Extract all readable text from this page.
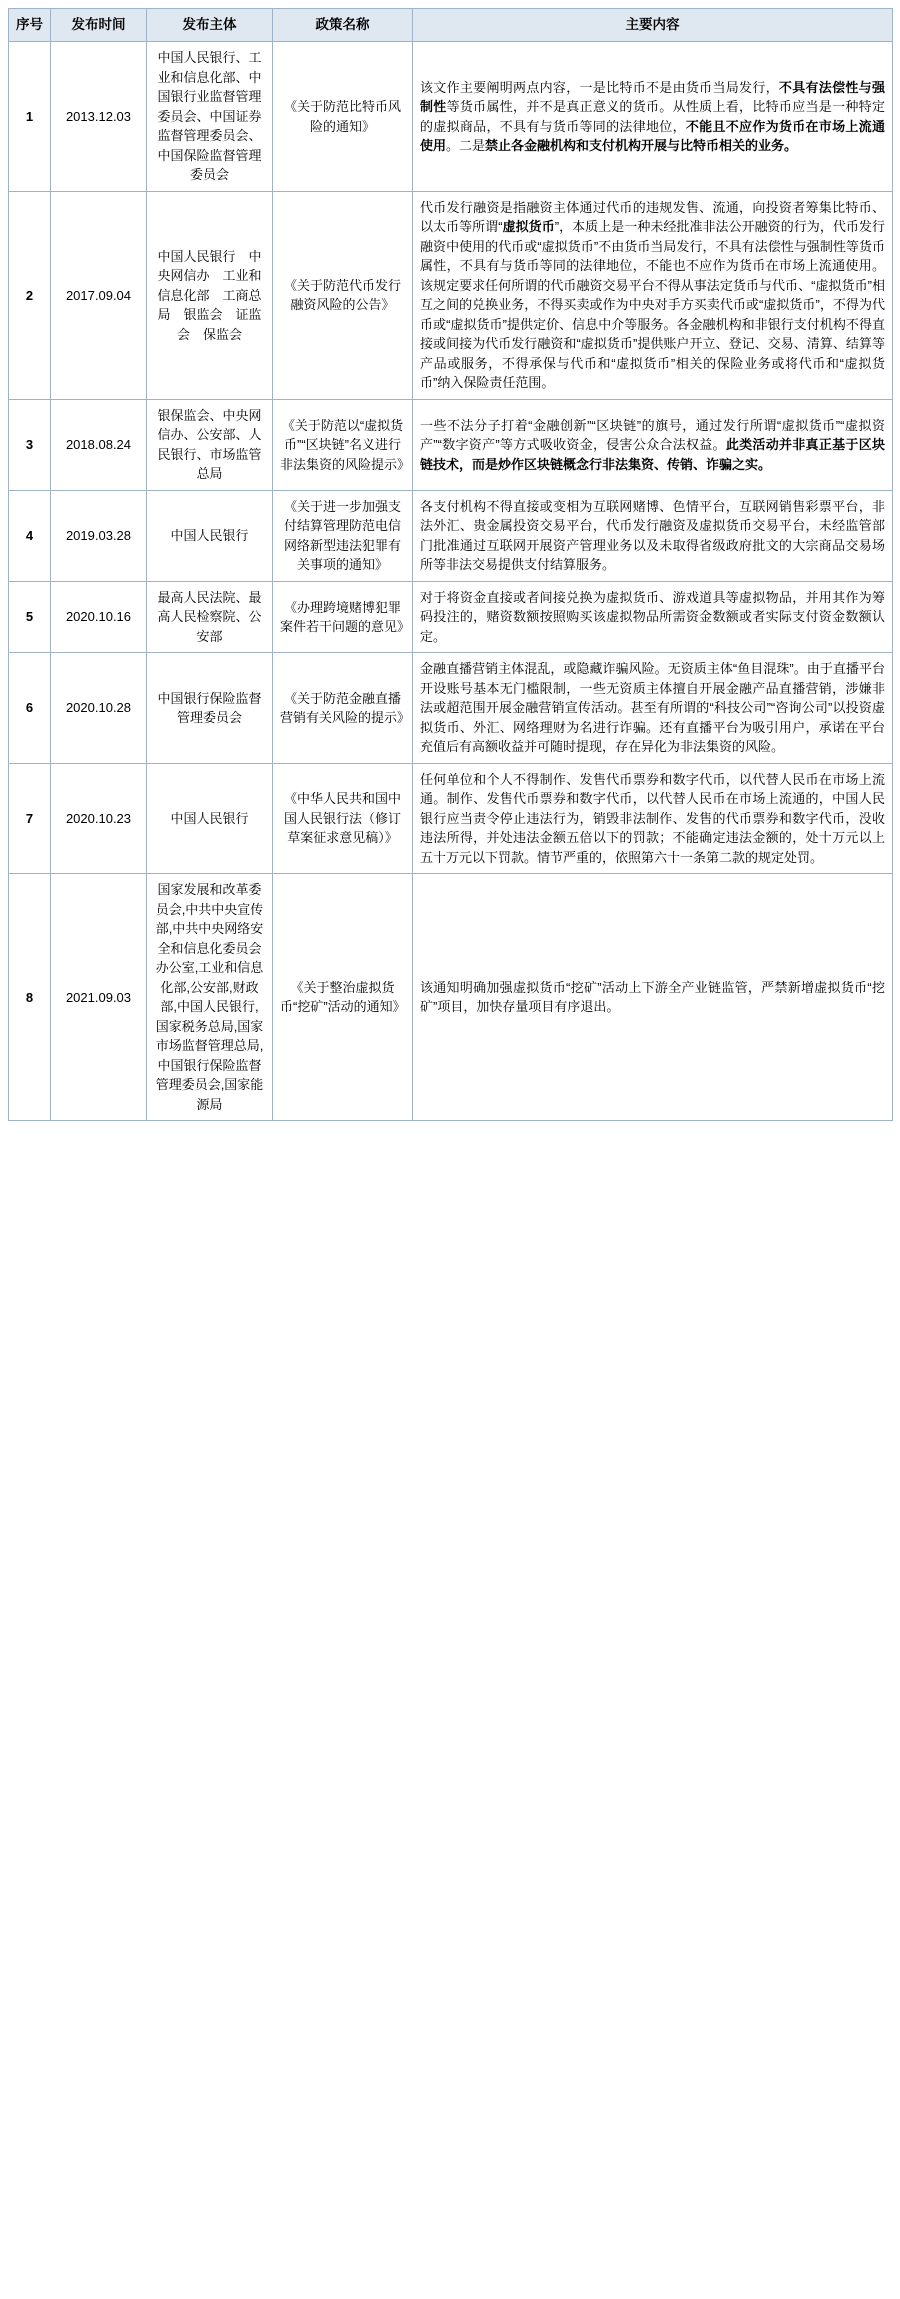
序号	发布时间	发布主体	政策名称	主要内容
1	2013.12.03	中国人民银行、工业和信息化部、中国银行业监督管理委员会、中国证券监督管理委员会、中国保险监督管理委员会	《关于防范比特币风险的通知》	该文作主要阐明两点内容，一是比特币不是由货币当局发行，不具有法偿性与强制性等货币属性，并不是真正意义的货币。从性质上看，比特币应当是一种特定的虚拟商品，不具有与货币等同的法律地位，不能且不应作为货币在市场上流通使用。二是禁止各金融机构和支付机构开展与比特币相关的业务。

2	2017.09.04	中国人民银行　中央网信办　工业和信息化部　工商总局　银监会　证监会　保监会	《关于防范代币发行融资风险的公告》	代币发行融资是指融资主体通过代币的违规发售、流通，向投资者筹集比特币、以太币等所谓“虚拟货币”，本质上是一种未经批准非法公开融资的行为，代币发行融资中使用的代币或“虚拟货币”不由货币当局发行，不具有法偿性与强制性等货币属性，不具有与货币等同的法律地位，不能也不应作为货币在市场上流通使用。该规定要求任何所谓的代币融资交易平台不得从事法定货币与代币、“虚拟货币”相互之间的兑换业务，不得买卖或作为中央对手方买卖代币或“虚拟货币”，不得为代币或“虚拟货币”提供定价、信息中介等服务。各金融机构和非银行支付机构不得直接或间接为代币发行融资和“虚拟货币”提供账户开立、登记、交易、清算、结算等产品或服务，不得承保与代币和“虚拟货币”相关的保险业务或将代币和“虚拟货币”纳入保险责任范围。

3	2018.08.24	银保监会、中央网信办、公安部、人民银行、市场监管总局	《关于防范以“虚拟货币”“区块链”名义进行非法集资的风险提示》	一些不法分子打着“金融创新”“区块链”的旗号，通过发行所谓“虚拟货币”“虚拟资产”“数字资产”等方式吸收资金，侵害公众合法权益。此类活动并非真正基于区块链技术，而是炒作区块链概念行非法集资、传销、诈骗之实。

4	2019.03.28	中国人民银行	《关于进一步加强支付结算管理防范电信网络新型违法犯罪有关事项的通知》	各支付机构不得直接或变相为互联网赌博、色情平台，互联网销售彩票平台，非法外汇、贵金属投资交易平台，代币发行融资及虚拟货币交易平台，未经监管部门批准通过互联网开展资产管理业务以及未取得省级政府批文的大宗商品交易场所等非法交易提供支付结算服务。

5	2020.10.16	最高人民法院、最高人民检察院、公安部	《办理跨境赌博犯罪案件若干问题的意见》	对于将资金直接或者间接兑换为虚拟货币、游戏道具等虚拟物品，并用其作为筹码投注的，赌资数额按照购买该虚拟物品所需资金数额或者实际支付资金数额认定。

6	2020.10.28	中国银行保险监督管理委员会	《关于防范金融直播营销有关风险的提示》	金融直播营销主体混乱，或隐藏诈骗风险。无资质主体“鱼目混珠”。由于直播平台开设账号基本无门槛限制，一些无资质主体擅自开展金融产品直播营销，涉嫌非法或超范围开展金融营销宣传活动。甚至有所谓的“科技公司”“咨询公司”以投资虚拟货币、外汇、网络理财为名进行诈骗。还有直播平台为吸引用户，承诺在平台充值后有高额收益并可随时提现，存在异化为非法集资的风险。

7	2020.10.23	中国人民银行	《中华人民共和国中国人民银行法（修订草案征求意见稿）》	任何单位和个人不得制作、发售代币票券和数字代币，以代替人民币在市场上流通。制作、发售代币票券和数字代币，以代替人民币在市场上流通的，中国人民银行应当责令停止违法行为，销毁非法制作、发售的代币票券和数字代币，没收违法所得，并处违法金额五倍以下的罚款；不能确定违法金额的，处十万元以上五十万元以下罚款。情节严重的，依照第六十一条第二款的规定处罚。

8	2021.09.03	国家发展和改革委员会,中共中央宣传部,中共中央网络安全和信息化委员会办公室,工业和信息化部,公安部,财政部,中国人民银行,国家税务总局,国家市场监督管理总局,中国银行保险监督管理委员会,国家能源局	《关于整治虚拟货币“挖矿”活动的通知》	该通知明确加强虚拟货币“挖矿”活动上下游全产业链监管，严禁新增虚拟货币“挖矿”项目，加快存量项目有序退出。
